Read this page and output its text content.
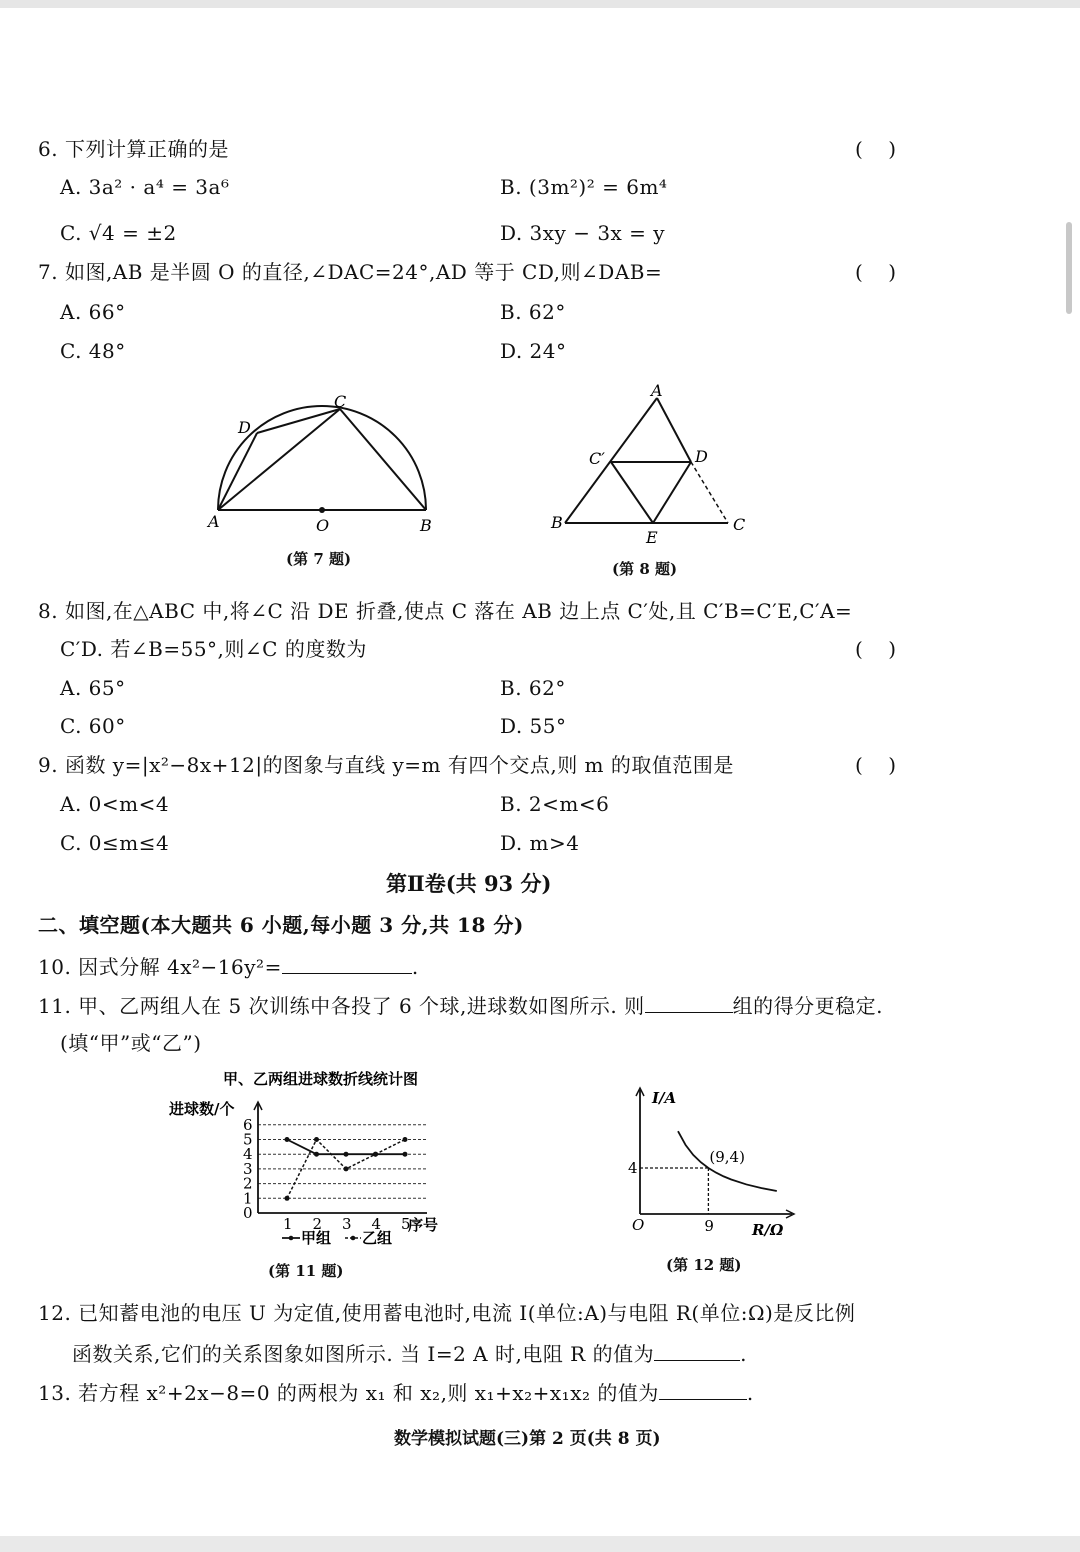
6. 下列计算正确的是	(    )
A. 3a² · a⁴ = 3a⁶	B. (3m²)² = 6m⁴
C. √4 = ±2	D. 3xy − 3x = y
7. 如图,AB 是半圆 O 的直径,∠DAC=24°,AD 等于 CD,则∠DAB=	(    )
A. 66°	B. 62°
C. 48°	D. 24°
A	B
C
D
O
(第 7 题)
A
B	C
C′	D
E
(第 8 题)
8. 如图,在△ABC 中,将∠C 沿 DE 折叠,使点 C 落在 AB 边上点 C′处,且 C′B=C′E,C′A=
C′D. 若∠B=55°,则∠C 的度数为	(    )
A. 65°	B. 62°
C. 60°	D. 55°
9. 函数 y=|x²−8x+12|的图象与直线 y=m 有四个交点,则 m 的取值范围是	(    )
A. 0<m<4	B. 2<m<6
C. 0≤m≤4	D. m>4
第Ⅱ卷(共 93 分)
二、填空题(本大题共 6 小题,每小题 3 分,共 18 分)
10. 因式分解 4x²−16y²=	.
11. 甲、乙两组人在 5 次训练中各投了 6 个球,进球数如图所示. 则	组的得分更稳定.
(填“甲”或“乙”)
甲、乙两组进球数折线统计图
进球数/个
序号
0
1
2
3
4
5
6
1 2 3 4 5
甲组 乙组
(第 11 题)
I/A
R/Ω
O
(9,4)
9
4
(第 12 题)
12. 已知蓄电池的电压 U 为定值,使用蓄电池时,电流 I(单位:A)与电阻 R(单位:Ω)是反比例
函数关系,它们的关系图象如图所示. 当 I=2 A 时,电阻 R 的值为	.
13. 若方程 x²+2x−8=0 的两根为 x₁ 和 x₂,则 x₁+x₂+x₁x₂ 的值为	.
数学模拟试题(三)第 2 页(共 8 页)
